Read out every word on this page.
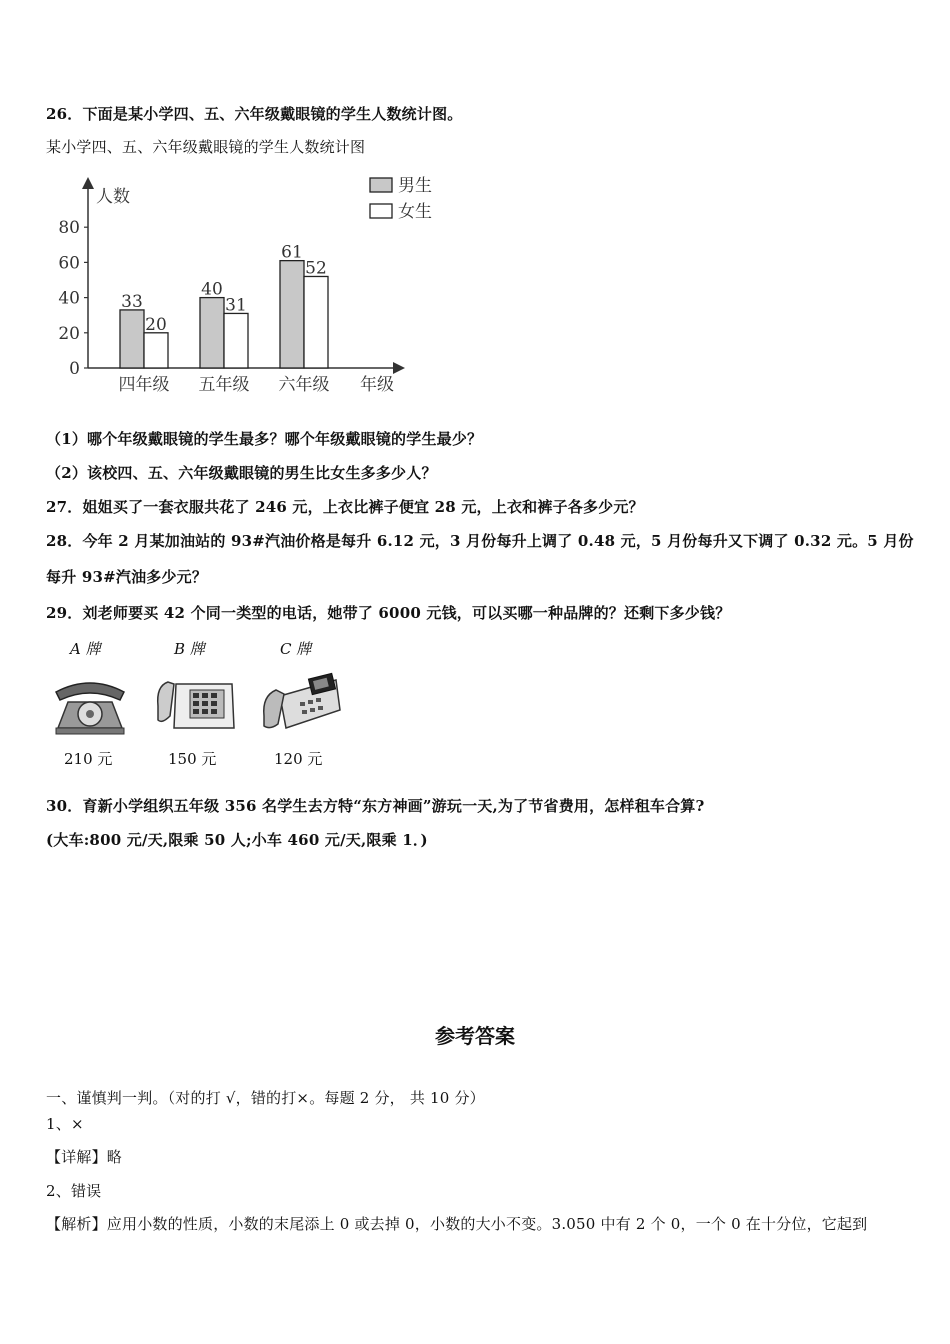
26．下面是某小学四、五、六年级戴眼镜的学生人数统计图。
某小学四、五、六年级戴眼镜的学生人数统计图
人数
年级
0
20
40
60
80
33
20
40
31
61
52
四年级 五年级 六年级
男生
女生
（1）哪个年级戴眼镜的学生最多？哪个年级戴眼镜的学生最少？
（2）该校四、五、六年级戴眼镜的男生比女生多多少人？
27．姐姐买了一套衣服共花了 246 元，上衣比裤子便宜 28 元，上衣和裤子各多少元？
28．今年 2 月某加油站的 93#汽油价格是每升 6.12 元，3 月份每升上调了 0.48 元，5 月份每升又下调了 0.32 元。5 月份
每升 93#汽油多少元？
29．刘老师要买 42 个同一类型的电话，她带了 6000 元钱，可以买哪一种品牌的？还剩下多少钱？
A 牌
210 元
B 牌
150 元
C 牌
120 元
30．育新小学组织五年级 356 名学生去方特“东方神画”游玩一天,为了节省费用，怎样租车合算?
(大车:800 元/天,限乘 50 人;小车 460 元/天,限乘 1．)
参考答案
一、谨慎判一判。（对的打 √，错的打×。每题 2 分， 共 10 分）
1、×
【详解】略
2、错误
【解析】应用小数的性质，小数的末尾添上 0 或去掉 0，小数的大小不变。3.050 中有 2 个 0，一个 0 在十分位，它起到
